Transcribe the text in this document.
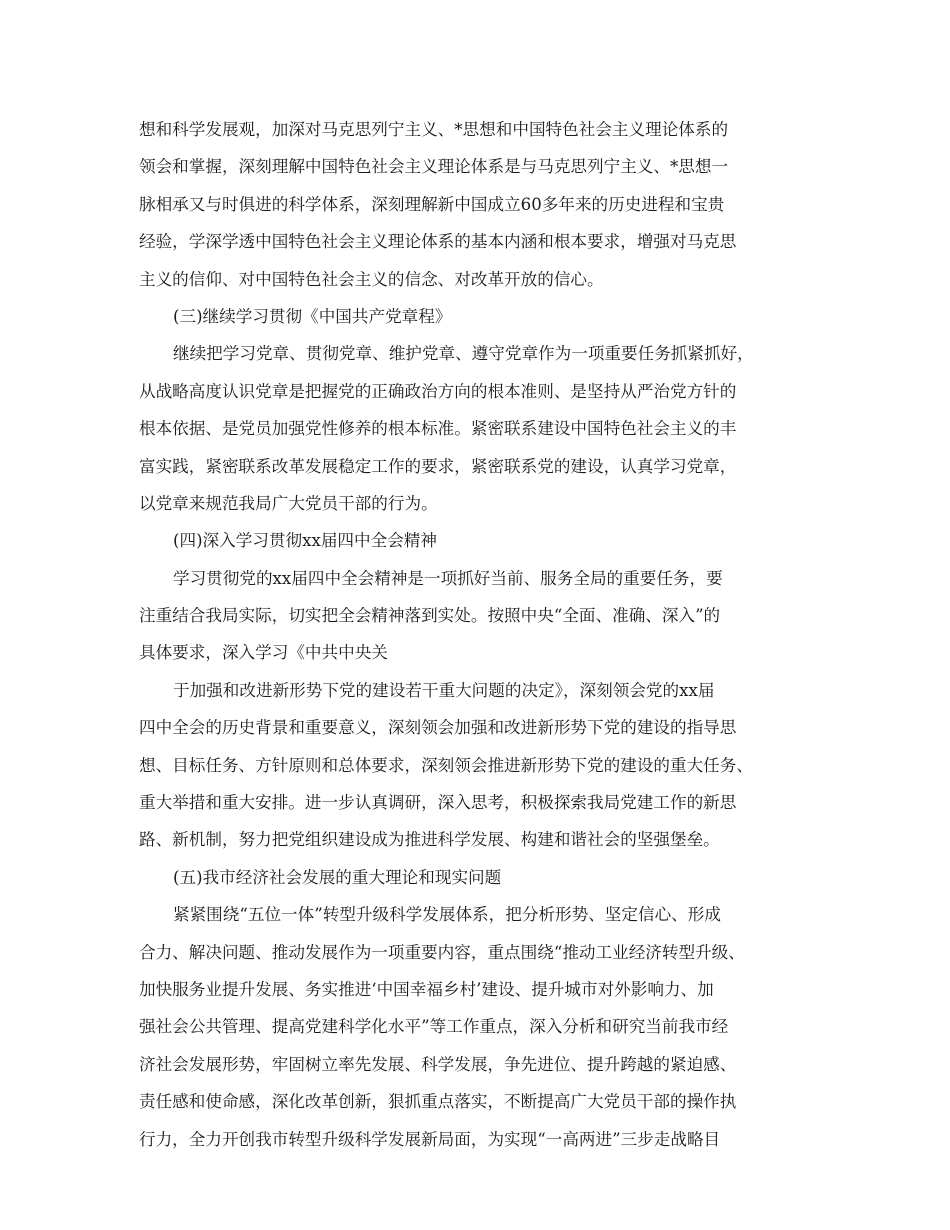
想和科学发展观，加深对马克思列宁主义、*思想和中国特色社会主义理论体系的
领会和掌握，深刻理解中国特色社会主义理论体系是与马克思列宁主义、*思想一
脉相承又与时俱进的科学体系，深刻理解新中国成立60多年来的历史进程和宝贵
经验，学深学透中国特色社会主义理论体系的基本内涵和根本要求，增强对马克思
主义的信仰、对中国特色社会主义的信念、对改革开放的信心。
(三)继续学习贯彻《中国共产党章程》
继续把学习党章、贯彻党章、维护党章、遵守党章作为一项重要任务抓紧抓好，
从战略高度认识党章是把握党的正确政治方向的根本准则、是坚持从严治党方针的
根本依据、是党员加强党性修养的根本标准。紧密联系建设中国特色社会主义的丰
富实践，紧密联系改革发展稳定工作的要求，紧密联系党的建设，认真学习党章，
以党章来规范我局广大党员干部的行为。
(四)深入学习贯彻xx届四中全会精神
学习贯彻党的xx届四中全会精神是一项抓好当前、服务全局的重要任务，要
注重结合我局实际，切实把全会精神落到实处。按照中央“全面、准确、深入”的
具体要求，深入学习《中共中央关
于加强和改进新形势下党的建设若干重大问题的决定》，深刻领会党的xx届
四中全会的历史背景和重要意义，深刻领会加强和改进新形势下党的建设的指导思
想、目标任务、方针原则和总体要求，深刻领会推进新形势下党的建设的重大任务、
重大举措和重大安排。进一步认真调研，深入思考，积极探索我局党建工作的新思
路、新机制，努力把党组织建设成为推进科学发展、构建和谐社会的坚强堡垒。
(五)我市经济社会发展的重大理论和现实问题
紧紧围绕“五位一体”转型升级科学发展体系，把分析形势、坚定信心、形成
合力、解决问题、推动发展作为一项重要内容，重点围绕“推动工业经济转型升级、
加快服务业提升发展、务实推进‘中国幸福乡村’建设、提升城市对外影响力、加
强社会公共管理、提高党建科学化水平”等工作重点，深入分析和研究当前我市经
济社会发展形势，牢固树立率先发展、科学发展，争先进位、提升跨越的紧迫感、
责任感和使命感，深化改革创新，狠抓重点落实，不断提高广大党员干部的操作执
行力，全力开创我市转型升级科学发展新局面，为实现“一高两进”三步走战略目
